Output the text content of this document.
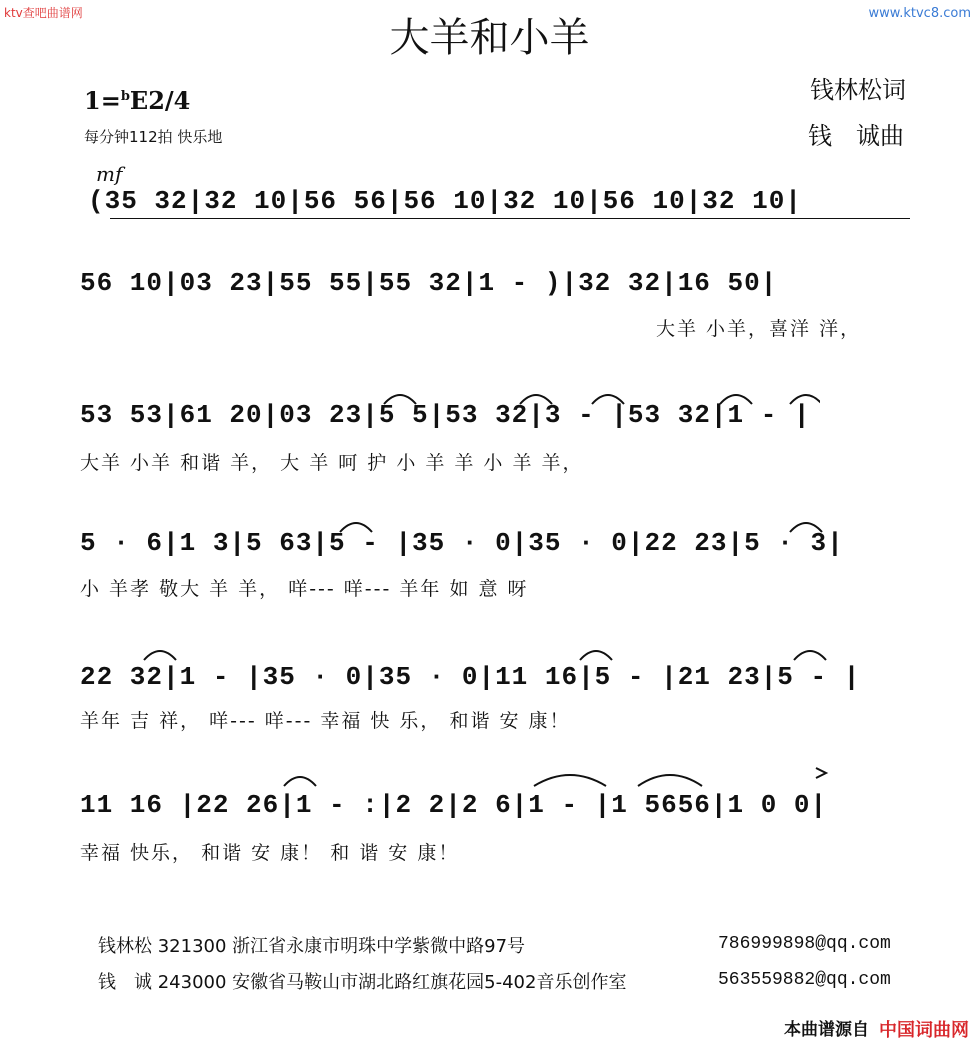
ktv查吧曲谱网	www.ktvc8.com
大羊和小羊
1=$^b$E2/4
每分钟112拍 快乐地
钱林松词
钱　诚曲
mf
(35 32|32 10|56 56|56 10|32 10|56 10|32 10|
56 10|03 23|55 55|55 32|1 - )|32 32|16 50|
大羊 小羊，喜洋 洋，
53 53|61 20|03 23|5 5|53 32|3 - |53 32|1 - |
大羊 小羊 和谐 羊， 大 羊 呵 护 小 羊 羊 小 羊 羊，
5 · 6|1 3|5 63|5 - |35 · 0|35 · 0|22 23|5 · 3|
小 羊孝 敬大 羊 羊， 咩--- 咩--- 羊年 如 意 呀
22 32|1 - |35 · 0|35 · 0|11 16|5 - |21 23|5 - |
羊年 吉 祥， 咩--- 咩--- 幸福 快 乐， 和谐 安 康！
11 16 |22 26|1 - :|2 2|2 6|1 - |1 5656|1 0 0|
幸福 快乐， 和谐 安 康！ 和 谐 安 康！
钱林松 321300 浙江省永康市明珠中学紫微中路97号	786999898@qq.com
钱　诚 243000 安徽省马鞍山市湖北路红旗花园5-402音乐创作室	563559882@qq.com
本曲谱源自 中国词曲网
